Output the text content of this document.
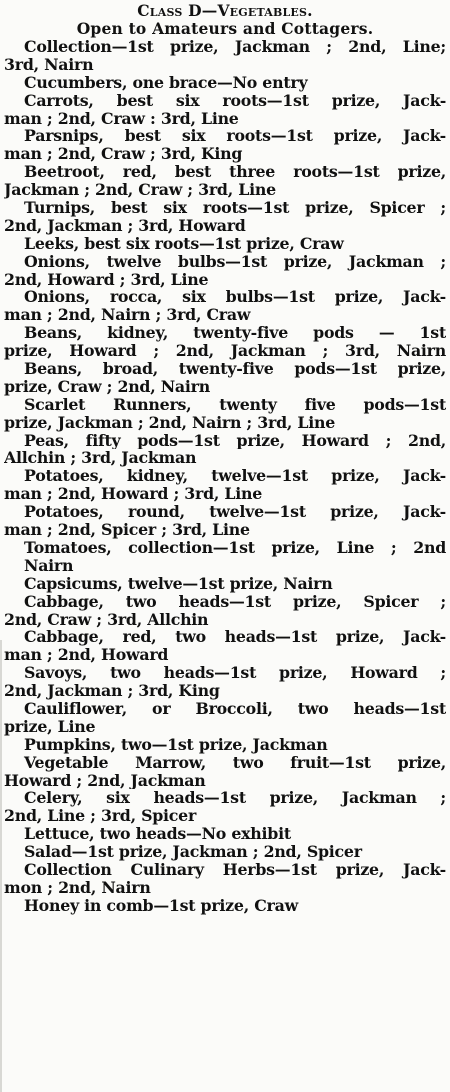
Class D—Vegetables.
Open to Amateurs and Cottagers.
Collection—1st prize, Jackman ; 2nd, Line;
3rd, Nairn
Cucumbers, one brace—No entry
Carrots, best six roots—1st prize, Jack-
man ; 2nd, Craw : 3rd, Line
Parsnips, best six roots—1st prize, Jack-
man ; 2nd, Craw ; 3rd, King
Beetroot, red, best three roots—1st prize,
Jackman ; 2nd, Craw ; 3rd, Line
Turnips, best six roots—1st prize, Spicer ;
2nd, Jackman ; 3rd, Howard
Leeks, best six roots—1st prize, Craw
Onions, twelve bulbs—1st prize, Jackman ;
2nd, Howard ; 3rd, Line
Onions, rocca, six bulbs—1st prize, Jack-
man ; 2nd, Nairn ; 3rd, Craw
Beans, kidney, twenty-five pods — 1st
prize, Howard ; 2nd, Jackman ; 3rd, Nairn
Beans, broad, twenty-five pods—1st prize,
prize, Craw ; 2nd, Nairn
Scarlet Runners, twenty five pods—1st
prize, Jackman ; 2nd, Nairn ; 3rd, Line
Peas, fifty pods—1st prize, Howard ; 2nd,
Allchin ; 3rd, Jackman
Potatoes, kidney, twelve—1st prize, Jack-
man ; 2nd, Howard ; 3rd, Line
Potatoes, round, twelve—1st prize, Jack-
man ; 2nd, Spicer ; 3rd, Line
Tomatoes, collection—1st prize, Line ; 2nd
Nairn
Capsicums, twelve—1st prize, Nairn
Cabbage, two heads—1st prize, Spicer ;
2nd, Craw ; 3rd, Allchin
Cabbage, red, two heads—1st prize, Jack-
man ; 2nd, Howard
Savoys, two heads—1st prize, Howard ;
2nd, Jackman ; 3rd, King
Cauliflower, or Broccoli, two heads—1st
prize, Line
Pumpkins, two—1st prize, Jackman
Vegetable Marrow, two fruit—1st prize,
Howard ; 2nd, Jackman
Celery, six heads—1st prize, Jackman ;
2nd, Line ; 3rd, Spicer
Lettuce, two heads—No exhibit
Salad—1st prize, Jackman ; 2nd, Spicer
Collection Culinary Herbs—1st prize, Jack-
mon ; 2nd, Nairn
Honey in comb—1st prize, Craw
